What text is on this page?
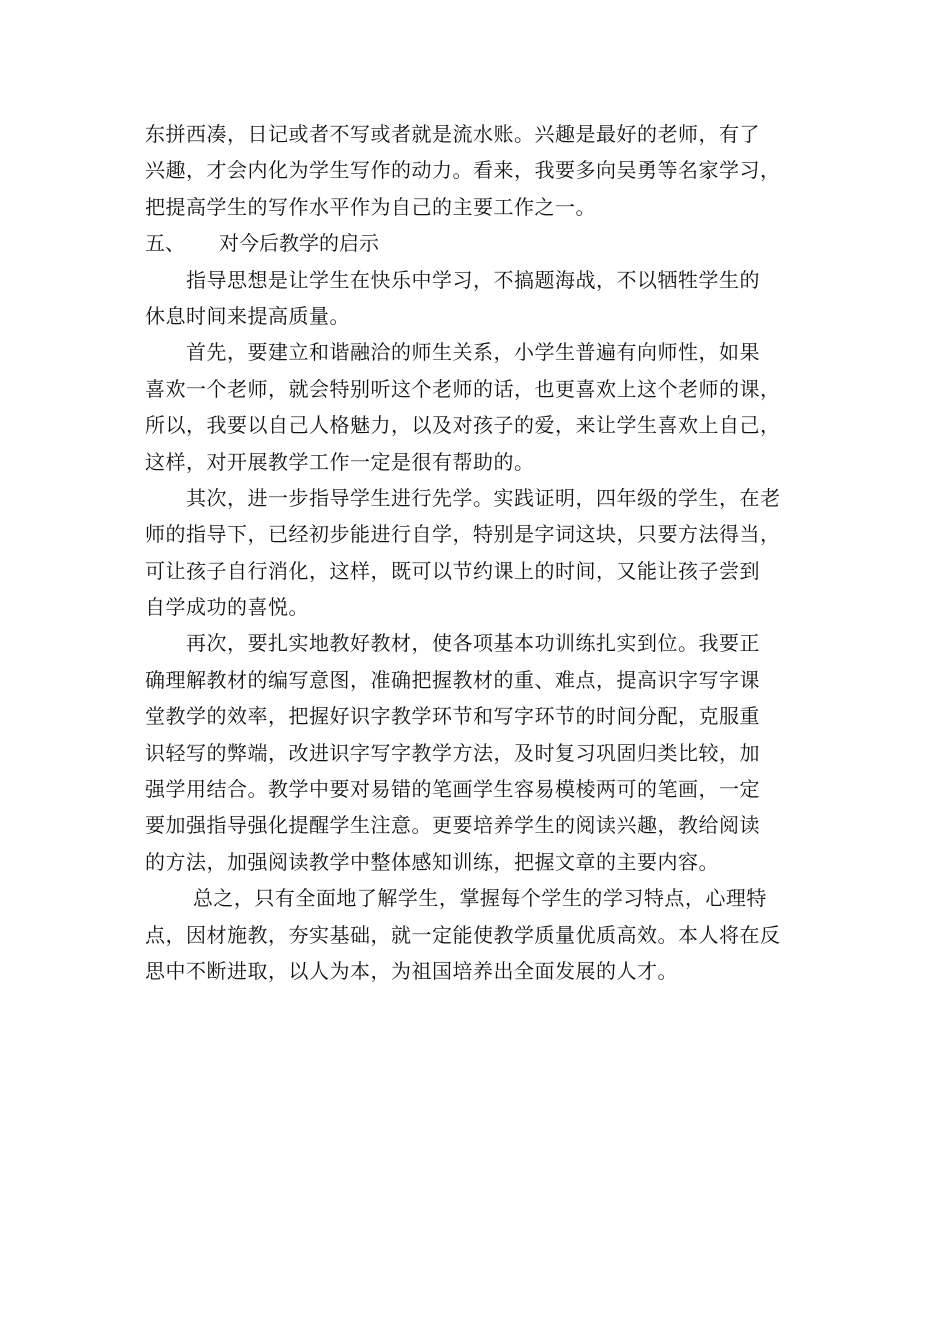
东拼西凑，日记或者不写或者就是流水账。兴趣是最好的老师，有了
兴趣，才会内化为学生写作的动力。看来，我要多向吴勇等名家学习，
把提高学生的写作水平作为自己的主要工作之一。
五、 对今后教学的启示
　　指导思想是让学生在快乐中学习，不搞题海战，不以牺牲学生的
休息时间来提高质量。
　　首先，要建立和谐融洽的师生关系，小学生普遍有向师性，如果
喜欢一个老师，就会特别听这个老师的话，也更喜欢上这个老师的课，
所以，我要以自己人格魅力，以及对孩子的爱，来让学生喜欢上自己，
这样，对开展教学工作一定是很有帮助的。
　　其次，进一步指导学生进行先学。实践证明，四年级的学生，在老
师的指导下，已经初步能进行自学，特别是字词这块，只要方法得当，
可让孩子自行消化，这样，既可以节约课上的时间，又能让孩子尝到
自学成功的喜悦。
　　再次，要扎实地教好教材，使各项基本功训练扎实到位。我要正
确理解教材的编写意图，准确把握教材的重、难点，提高识字写字课
堂教学的效率，把握好识字教学环节和写字环节的时间分配，克服重
识轻写的弊端，改进识字写字教学方法，及时复习巩固归类比较，加
强学用结合。教学中要对易错的笔画学生容易模棱两可的笔画，一定
要加强指导强化提醒学生注意。更要培养学生的阅读兴趣，教给阅读
的方法，加强阅读教学中整体感知训练，把握文章的主要内容。
　　 总之，只有全面地了解学生，掌握每个学生的学习特点，心理特
点，因材施教，夯实基础，就一定能使教学质量优质高效。本人将在反
思中不断进取，以人为本，为祖国培养出全面发展的人才。
